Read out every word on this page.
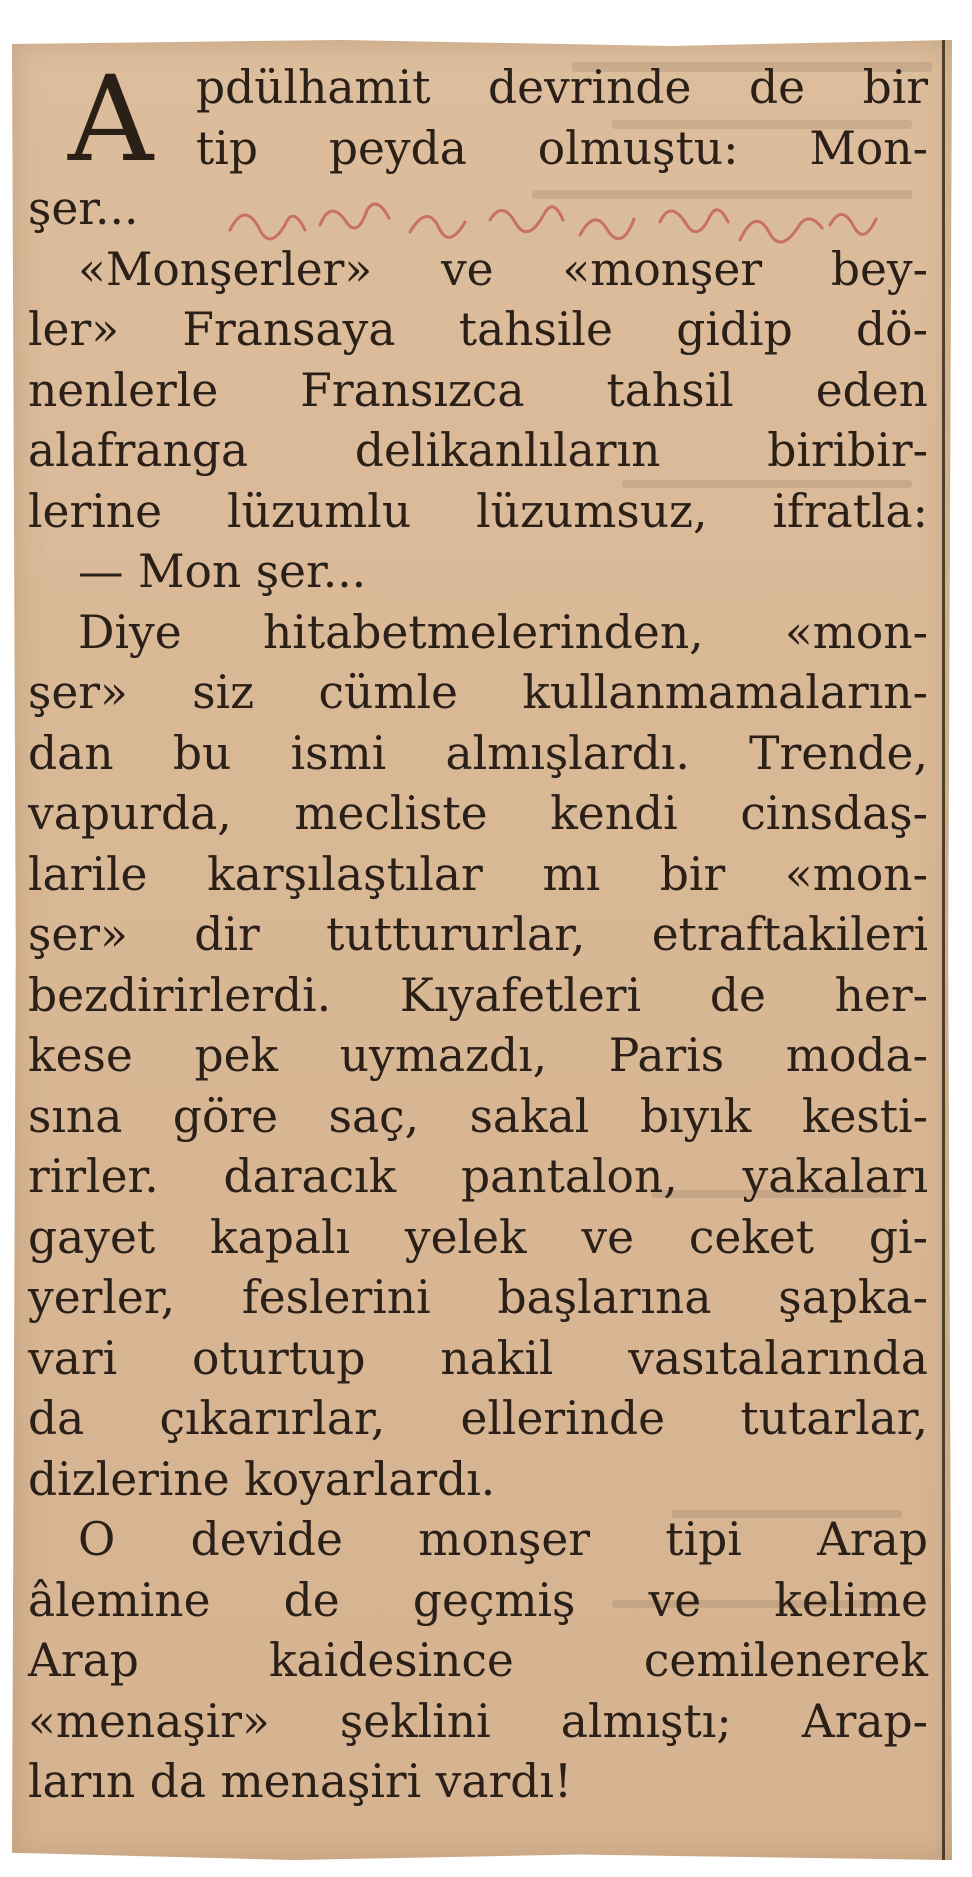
A pdülhamit devrinde de bir
tip peyda olmuştu: Mon-
şer...
«Monşerler» ve «monşer bey-
ler» Fransaya tahsile gidip dö-
nenlerle Fransızca tahsil eden
alafranga delikanlıların biribir-
lerine lüzumlu lüzumsuz, ifratla:
— Mon şer...
Diye hitabetmelerinden, «mon-
şer» siz cümle kullanmamaların-
dan bu ismi almışlardı. Trende,
vapurda, mecliste kendi cinsdaş-
larile karşılaştılar mı bir «mon-
şer» dir tuttururlar, etraftakileri
bezdirirlerdi. Kıyafetleri de her-
kese pek uymazdı, Paris moda-
sına göre saç, sakal bıyık kesti-
rirler. daracık pantalon, yakaları
gayet kapalı yelek ve ceket gi-
yerler, feslerini başlarına şapka-
vari oturtup nakil vasıtalarında
da çıkarırlar, ellerinde tutarlar,
dizlerine koyarlardı.
O devide monşer tipi Arap
âlemine de geçmiş ve kelime
Arap	kaidesince	cemilenerek
«menaşir» şeklini almıştı; Arap-
ların da menaşiri vardı!
